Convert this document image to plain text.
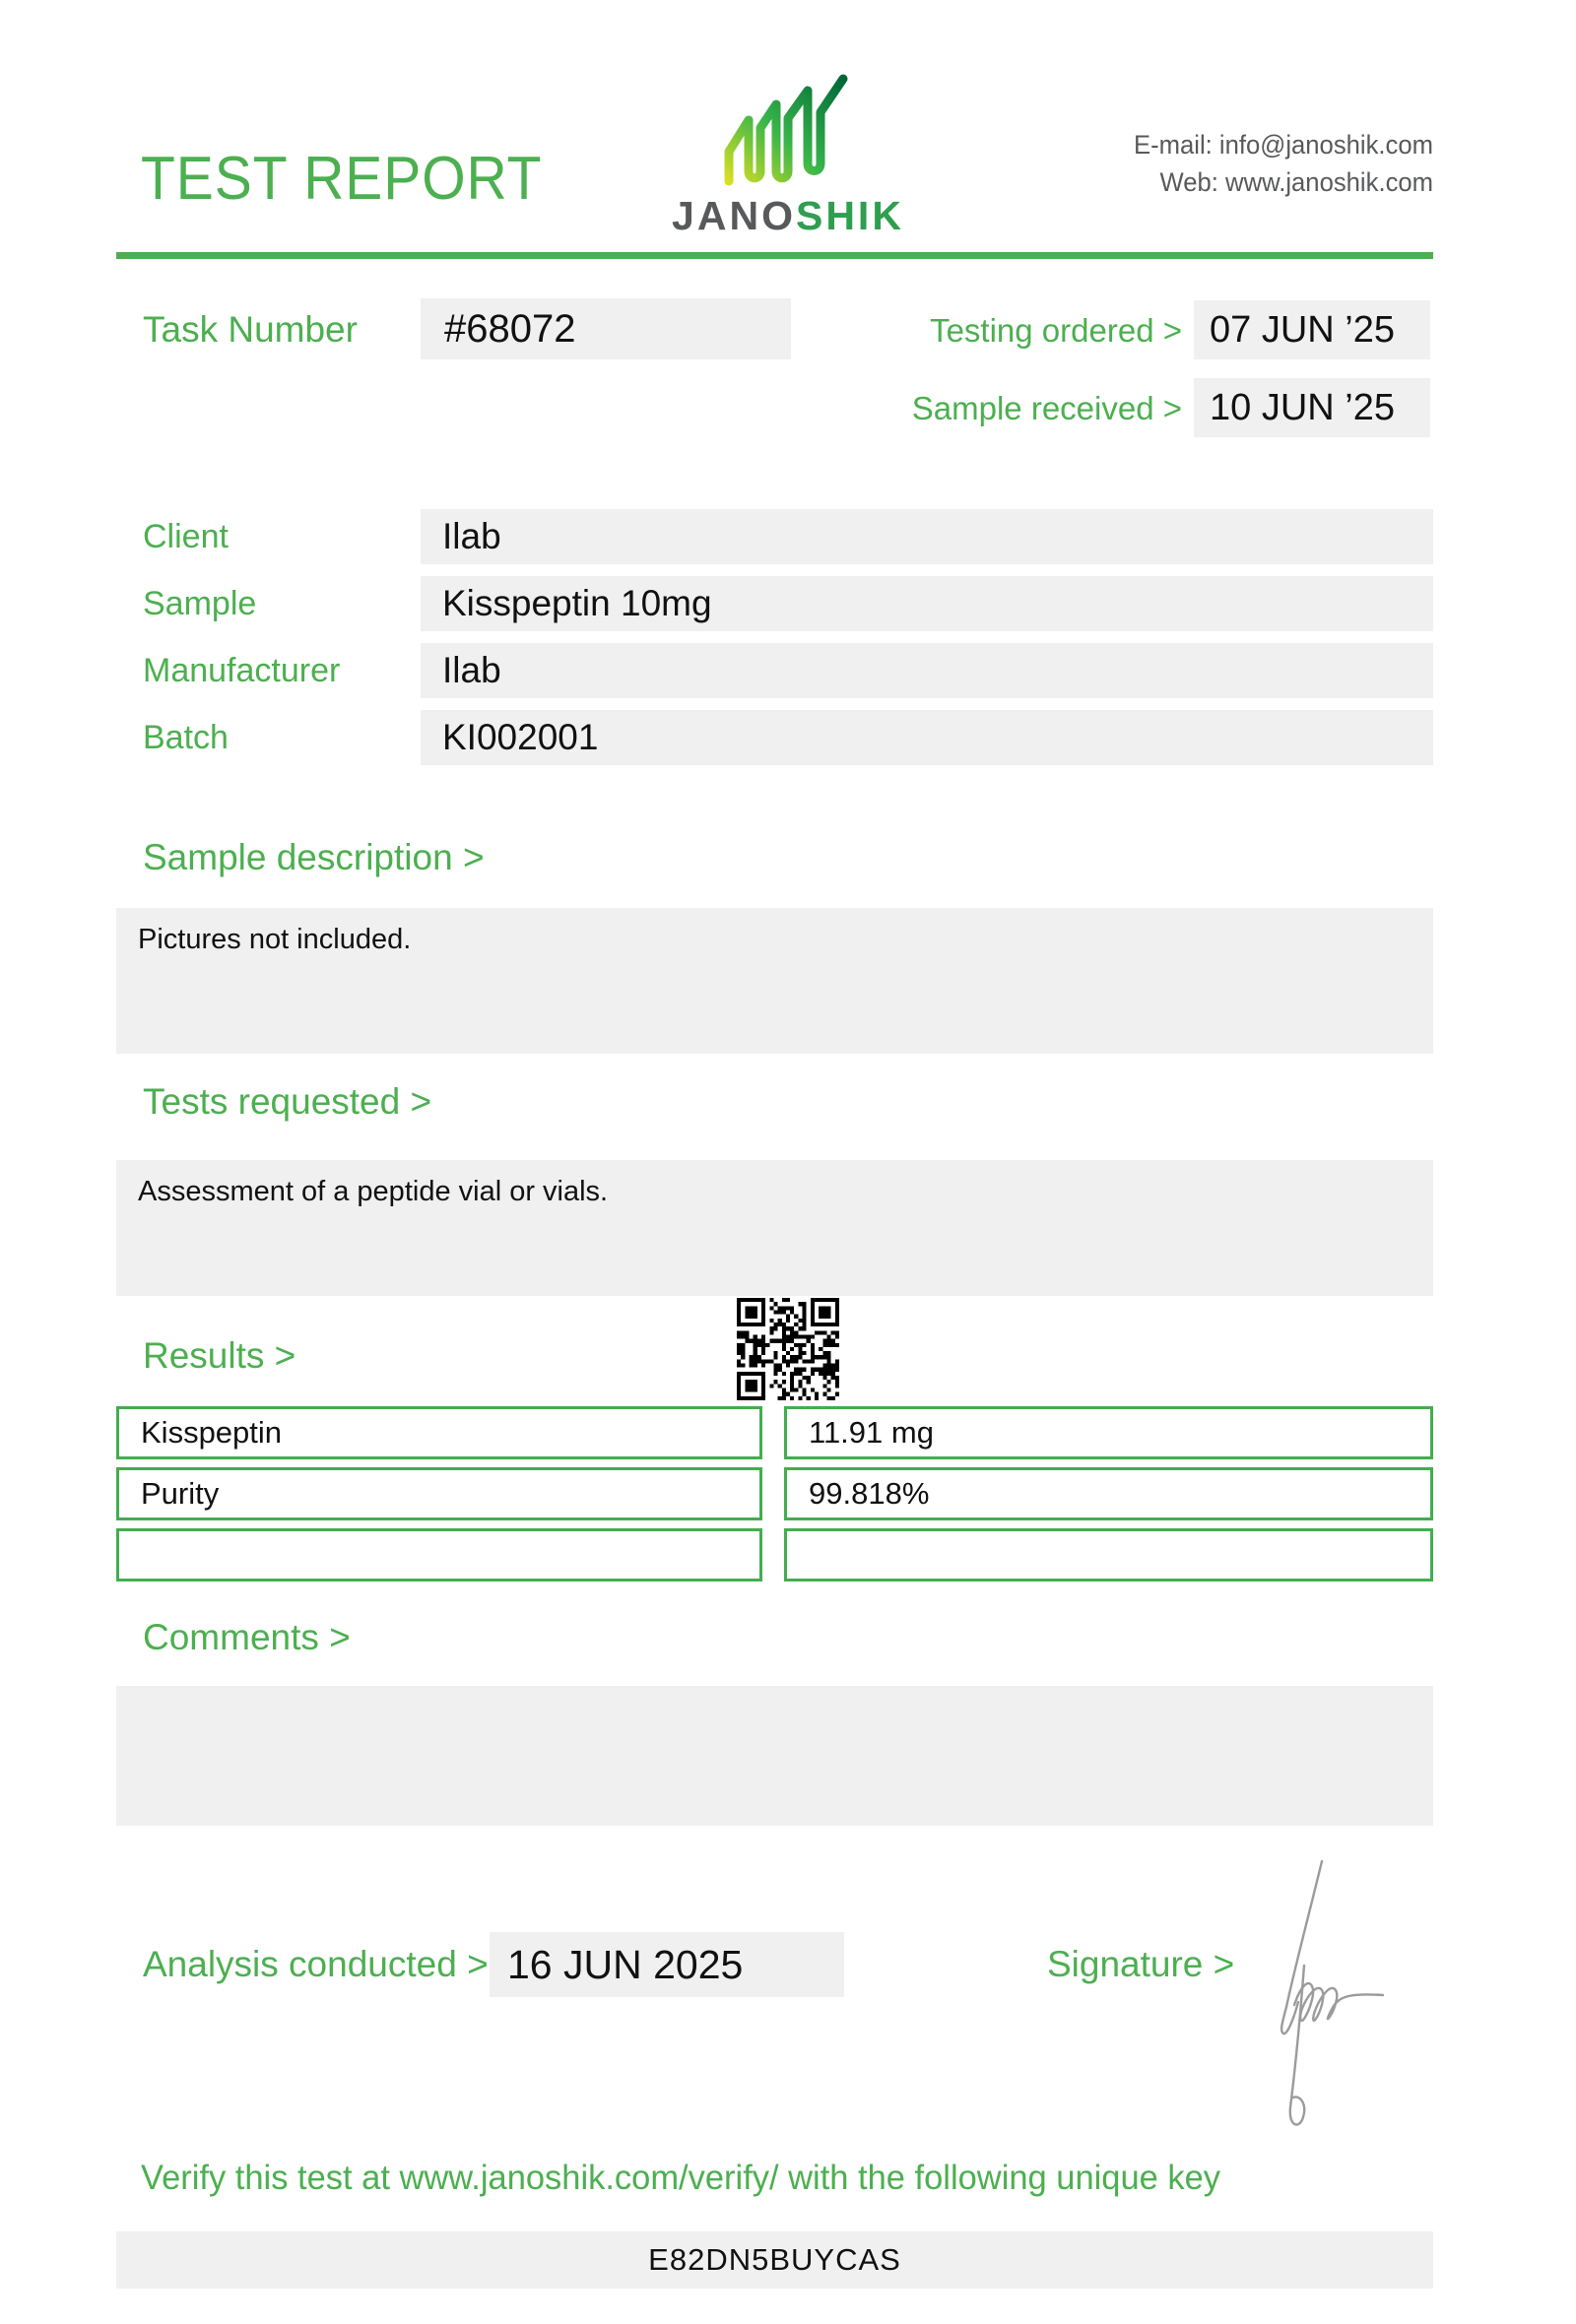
TEST REPORT
JANOSHIK
E-mail: info@janoshik.com
Web: www.janoshik.com
Task Number	#68072	Testing ordered > 07 JUN ’25
Sample received > 10 JUN ’25
Client	Ilab
Sample	Kisspeptin 10mg
Manufacturer	Ilab
Batch	KI002001
Sample description >
Pictures not included.
Tests requested >
Assessment of a peptide vial or vials.
Results >
Kisspeptin	11.91 mg
Purity	99.818%
Comments >
Analysis conducted > 16 JUN 2025	Signature >
Verify this test at www.janoshik.com/verify/ with the following unique key
E82DN5BUYCAS
